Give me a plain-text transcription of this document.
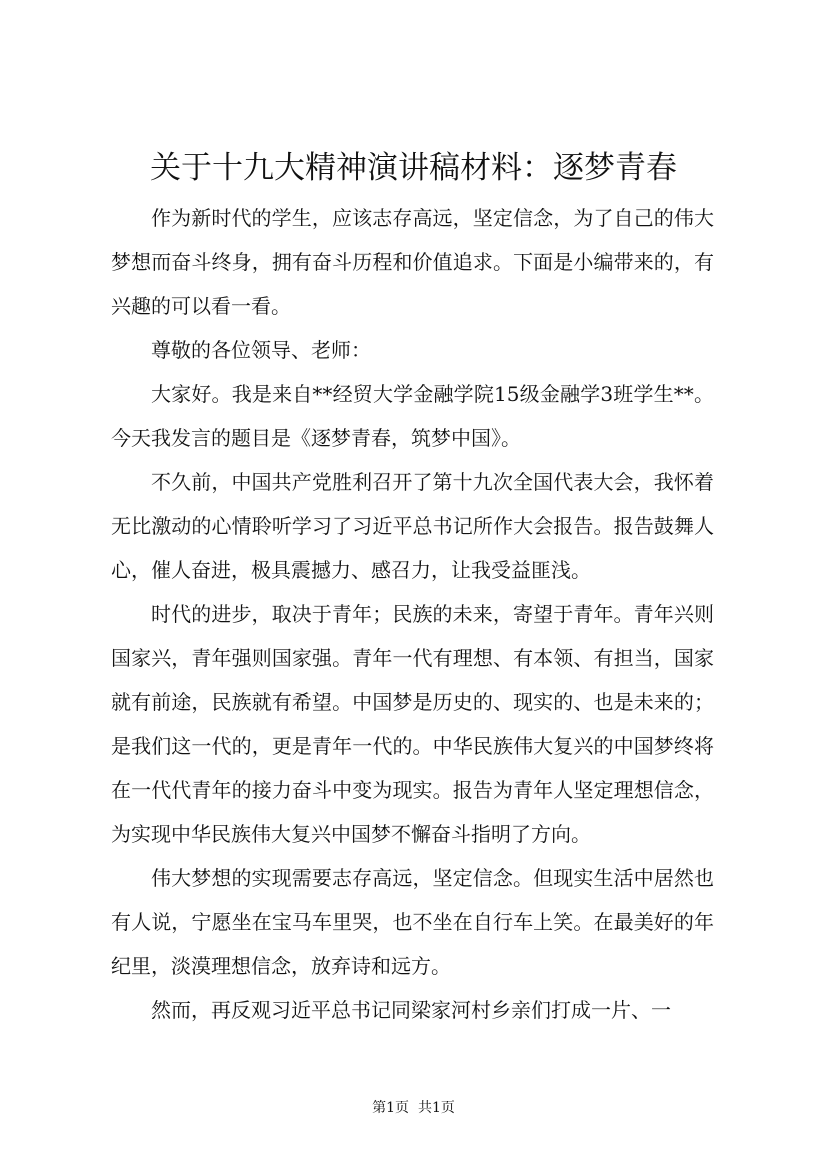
关于十九大精神演讲稿材料：逐梦青春

作为新时代的学生，应该志存高远，坚定信念，为了自己的伟大梦想而奋斗终身，拥有奋斗历程和价值追求。下面是小编带来的，有兴趣的可以看一看。

尊敬的各位领导、老师：

大家好。我是来自**经贸大学金融学院15级金融学3班学生**。今天我发言的题目是《逐梦青春，筑梦中国》。

不久前，中国共产党胜利召开了第十九次全国代表大会，我怀着无比激动的心情聆听学习了习近平总书记所作大会报告。报告鼓舞人心，催人奋进，极具震撼力、感召力，让我受益匪浅。

时代的进步，取决于青年；民族的未来，寄望于青年。青年兴则国家兴，青年强则国家强。青年一代有理想、有本领、有担当，国家就有前途，民族就有希望。中国梦是历史的、现实的、也是未来的；是我们这一代的，更是青年一代的。中华民族伟大复兴的中国梦终将在一代代青年的接力奋斗中变为现实。报告为青年人坚定理想信念，为实现中华民族伟大复兴中国梦不懈奋斗指明了方向。

伟大梦想的实现需要志存高远，坚定信念。但现实生活中居然也有人说，宁愿坐在宝马车里哭，也不坐在自行车上笑。在最美好的年纪里，淡漠理想信念，放弃诗和远方。

然而，再反观习近平总书记同梁家河村乡亲们打成一片、一

第1页  共1页
